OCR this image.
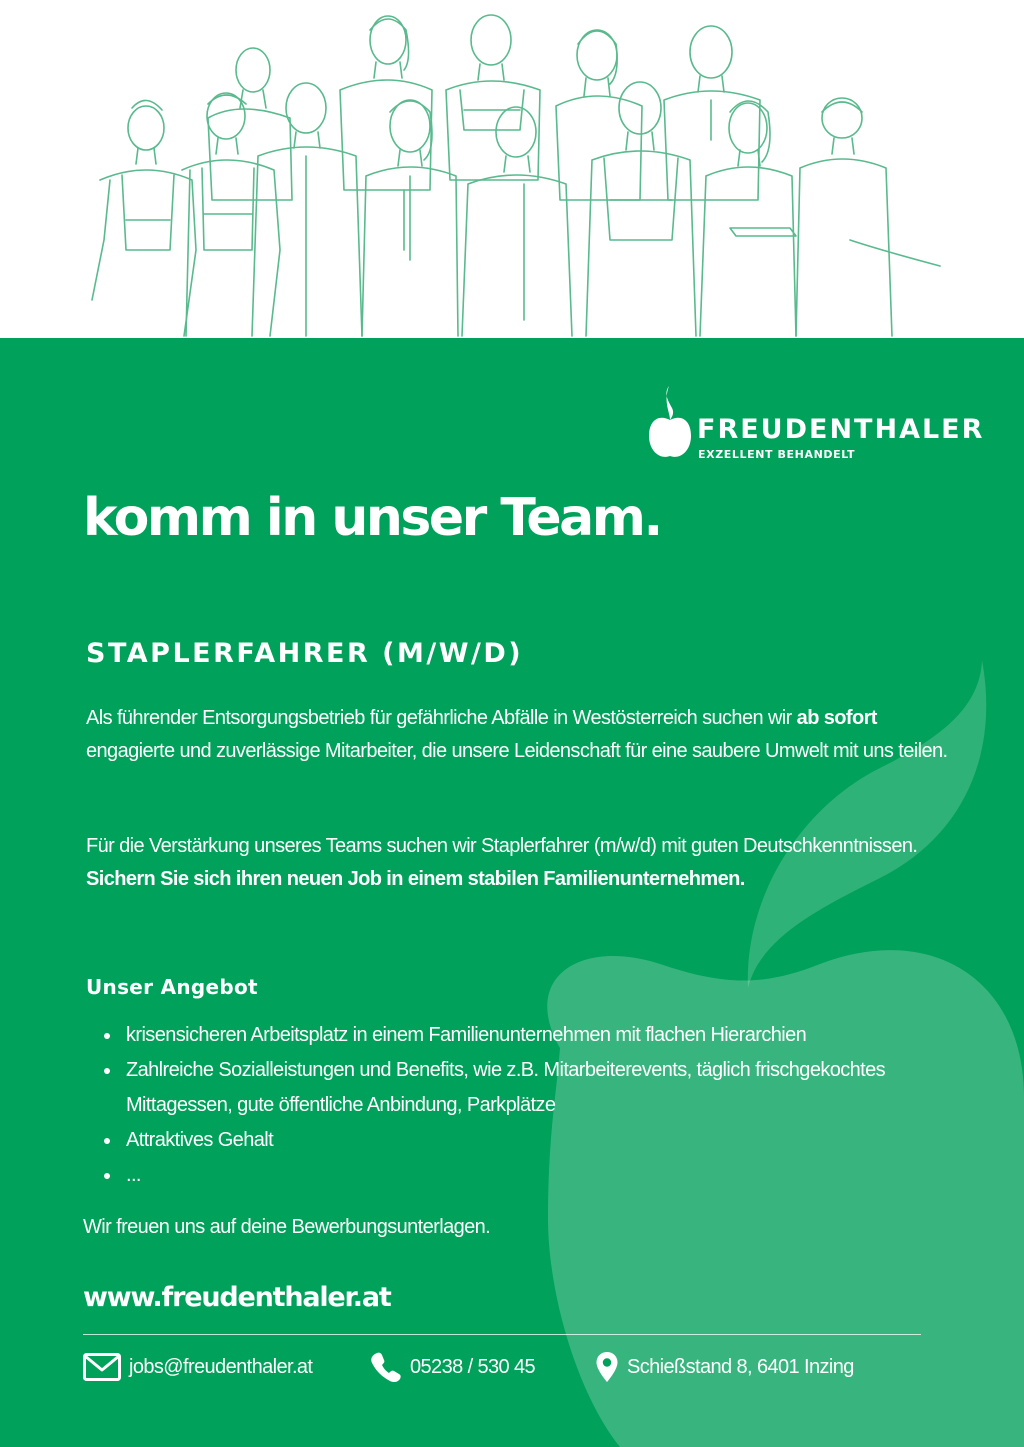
FREUDENTHALER
EXZELLENT BEHANDELT
komm in unser Team.
STAPLERFAHRER (M/W/D)

Als führender Entsorgungsbetrieb für gefährliche Abfälle in Westösterreich suchen wir ab sofort engagierte und zuverlässige Mitarbeiter, die unsere Leidenschaft für eine saubere Umwelt mit uns teilen.

Für die Verstärkung unseres Teams suchen wir Staplerfahrer (m/w/d) mit guten Deutschkenntnissen. Sichern Sie sich ihren neuen Job in einem stabilen Familienunternehmen.

Unser Angebot
krisensicheren Arbeitsplatz in einem Familienunternehmen mit flachen Hierarchien
Zahlreiche Sozialleistungen und Benefits, wie z.B. Mitarbeiterevents, täglich frischgekochtes Mittagessen, gute öffentliche Anbindung, Parkplätze
Attraktives Gehalt
...

Wir freuen uns auf deine Bewerbungsunterlagen.

www.freudenthaler.at
jobs@freudenthaler.at	05238 / 530 45	Schießstand 8, 6401 Inzing
